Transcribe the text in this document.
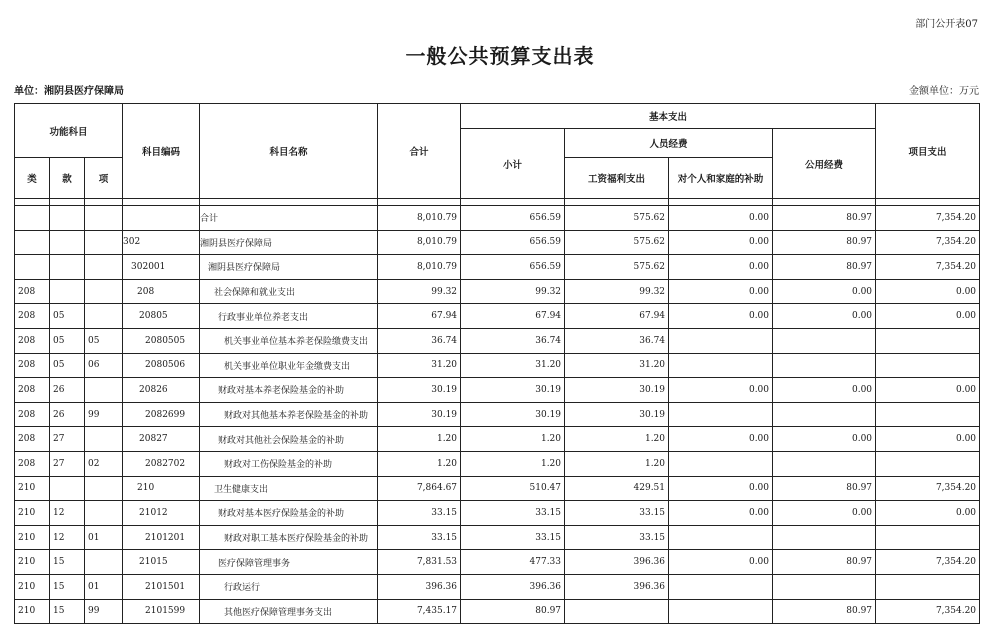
部门公开表07
一般公共预算支出表
单位：湘阴县医疗保障局	金额单位：万元
功能科目			科目编码	科目名称	合计	基本支出				项目支出
						小计	人员经费		公用经费	
类	款	项					工资福利支出	对个人和家庭的补助		

				合计	8,010.79	656.59	575.62	0.00	80.97	7,354.20
			302	湘阴县医疗保障局	8,010.79	656.59	575.62	0.00	80.97	7,354.20
			302001	湘阴县医疗保障局	8,010.79	656.59	575.62	0.00	80.97	7,354.20
208			208	社会保障和就业支出	99.32	99.32	99.32	0.00	0.00	0.00
208	05		20805	行政事业单位养老支出	67.94	67.94	67.94	0.00	0.00	0.00
208	05	05	2080505	机关事业单位基本养老保险缴费支出	36.74	36.74	36.74			
208	05	06	2080506	机关事业单位职业年金缴费支出	31.20	31.20	31.20			
208	26		20826	财政对基本养老保险基金的补助	30.19	30.19	30.19	0.00	0.00	0.00
208	26	99	2082699	财政对其他基本养老保险基金的补助	30.19	30.19	30.19			
208	27		20827	财政对其他社会保险基金的补助	1.20	1.20	1.20	0.00	0.00	0.00
208	27	02	2082702	财政对工伤保险基金的补助	1.20	1.20	1.20			
210			210	卫生健康支出	7,864.67	510.47	429.51	0.00	80.97	7,354.20
210	12		21012	财政对基本医疗保险基金的补助	33.15	33.15	33.15	0.00	0.00	0.00
210	12	01	2101201	财政对职工基本医疗保险基金的补助	33.15	33.15	33.15			
210	15		21015	医疗保障管理事务	7,831.53	477.33	396.36	0.00	80.97	7,354.20
210	15	01	2101501	行政运行	396.36	396.36	396.36			
210	15	99	2101599	其他医疗保障管理事务支出	7,435.17	80.97			80.97	7,354.20
